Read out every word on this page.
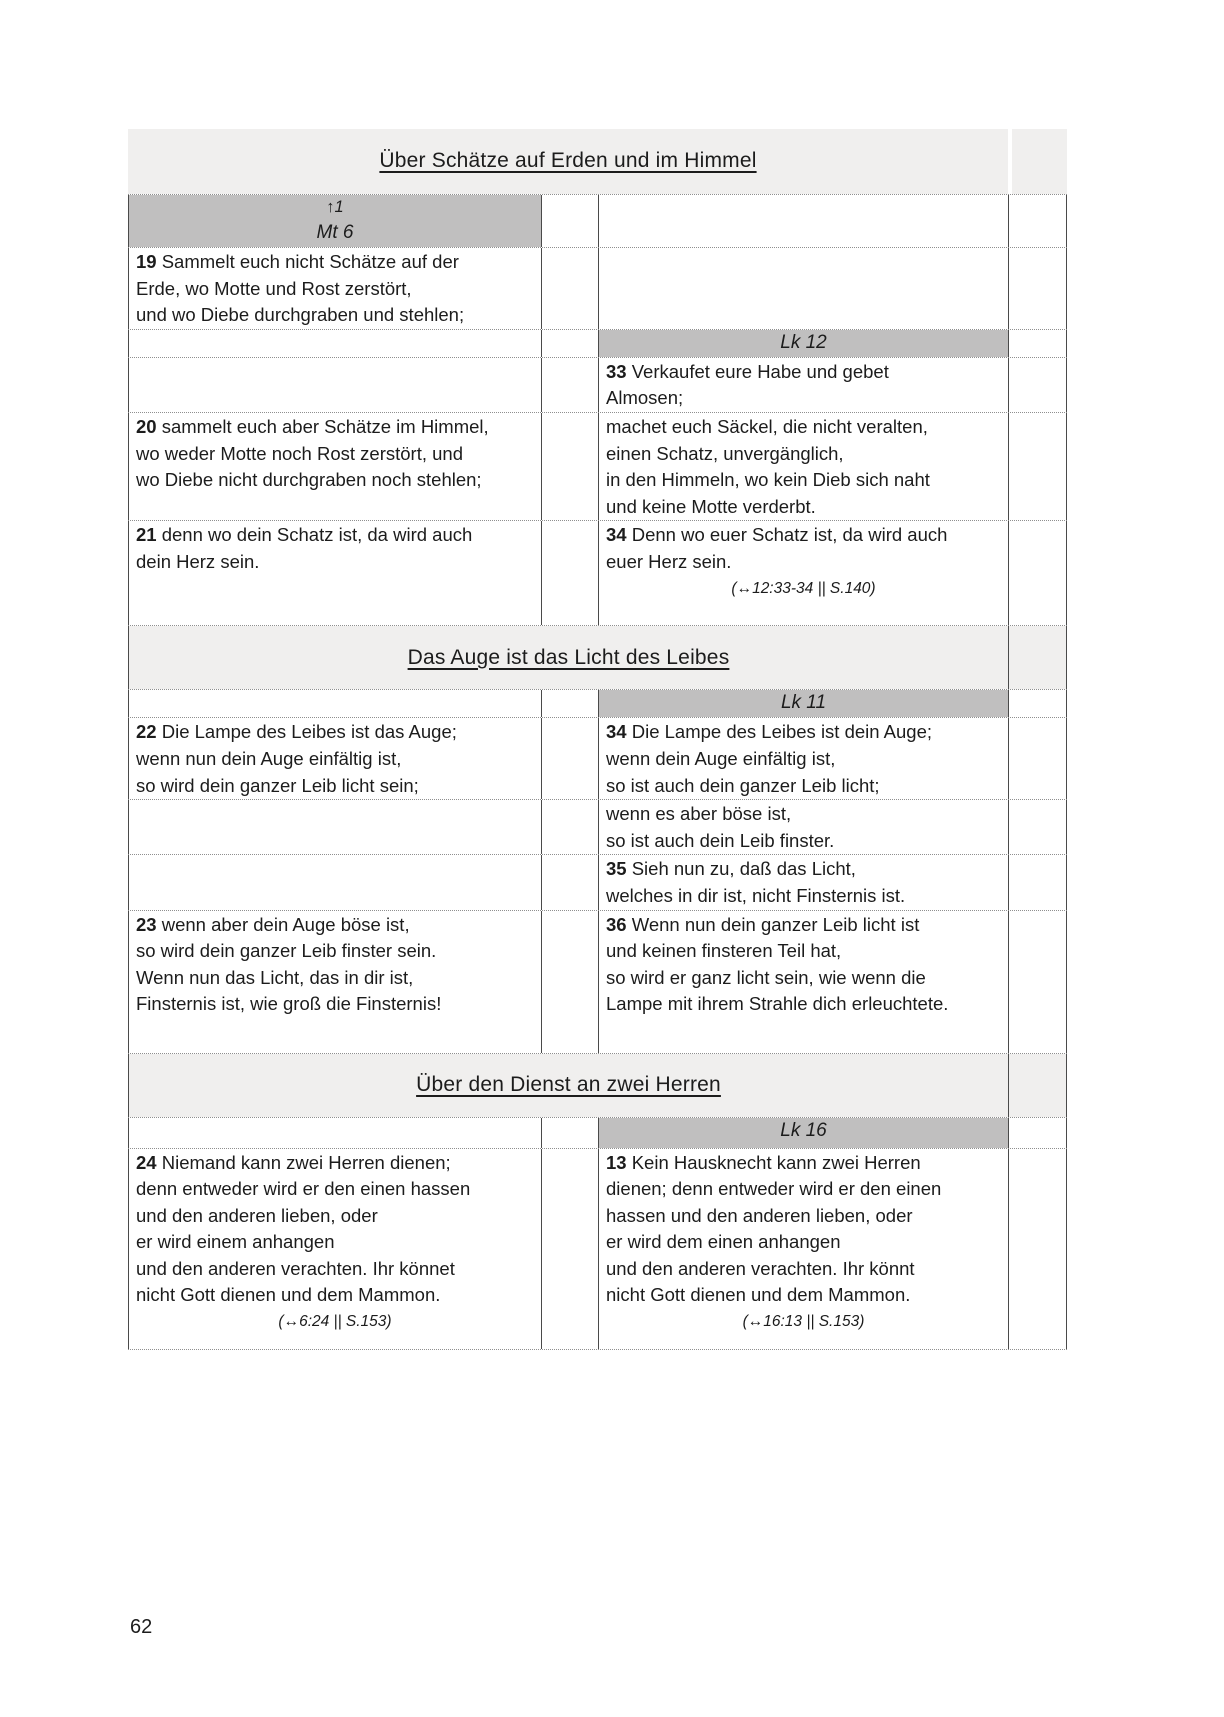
Über Schätze auf Erden und im Himmel
↑1
Mt 6
19 Sammelt euch nicht Schätze auf der
Erde, wo Motte und Rost zerstört,
und wo Diebe durchgraben und stehlen;
Lk 12
33 Verkaufet eure Habe und gebet
Almosen;
20 sammelt euch aber Schätze im Himmel,
wo weder Motte noch Rost zerstört, und
wo Diebe nicht durchgraben noch stehlen;
machet euch Säckel, die nicht veralten,
einen Schatz, unvergänglich,
in den Himmeln, wo kein Dieb sich naht
und keine Motte verderbt.
21 denn wo dein Schatz ist, da wird auch
dein Herz sein.
34 Denn wo euer Schatz ist, da wird auch
euer Herz sein.
(↔12:33-34 || S.140)
Das Auge ist das Licht des Leibes
Lk 11
22 Die Lampe des Leibes ist das Auge;
wenn nun dein Auge einfältig ist,
so wird dein ganzer Leib licht sein;
34 Die Lampe des Leibes ist dein Auge;
wenn dein Auge einfältig ist,
so ist auch dein ganzer Leib licht;
wenn es aber böse ist,
so ist auch dein Leib finster.
35 Sieh nun zu, daß das Licht,
welches in dir ist, nicht Finsternis ist.
23 wenn aber dein Auge böse ist,
so wird dein ganzer Leib finster sein.
Wenn nun das Licht, das in dir ist,
Finsternis ist, wie groß die Finsternis!
36 Wenn nun dein ganzer Leib licht ist
und keinen finsteren Teil hat,
so wird er ganz licht sein, wie wenn die
Lampe mit ihrem Strahle dich erleuchtete.
Über den Dienst an zwei Herren
Lk 16
24 Niemand kann zwei Herren dienen;
denn entweder wird er den einen hassen
und den anderen lieben, oder
er wird einem anhangen
und den anderen verachten. Ihr könnet
nicht Gott dienen und dem Mammon.
(↔6:24 || S.153)
13 Kein Hausknecht kann zwei Herren
dienen; denn entweder wird er den einen
hassen und den anderen lieben, oder
er wird dem einen anhangen
und den anderen verachten. Ihr könnt
nicht Gott dienen und dem Mammon.
(↔16:13 || S.153)
62
